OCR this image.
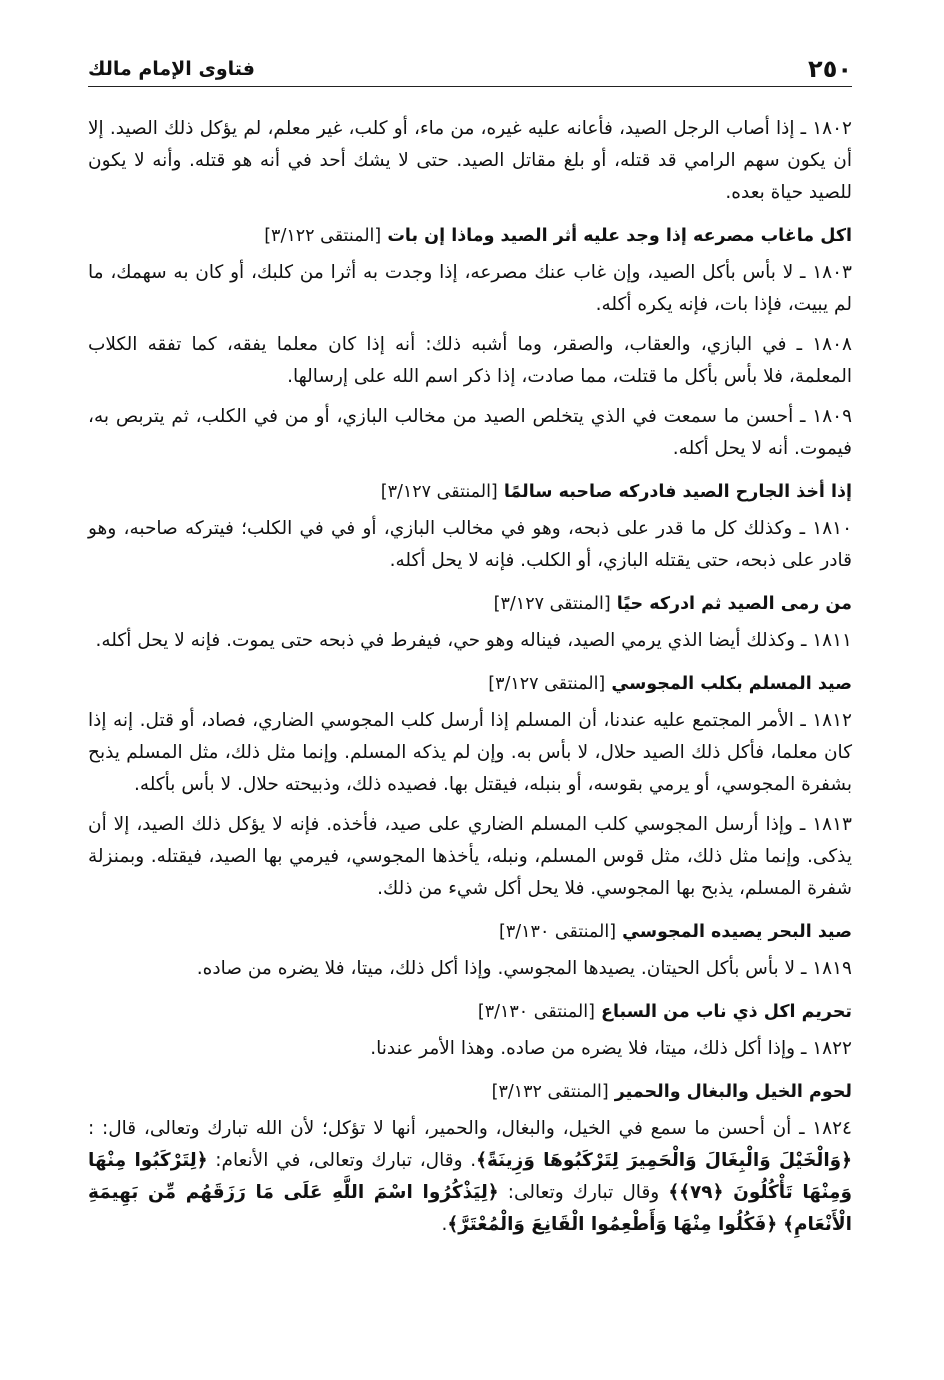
٢٥٠
فتاوى الإمام مالك

١٨٠٢ ـ إذا أصاب الرجل الصيد، فأعانه عليه غيره، من ماء، أو كلب، غير معلم، لم يؤكل ذلك الصيد. إلا أن يكون سهم الرامي قد قتله، أو بلغ مقاتل الصيد. حتى لا يشك أحد في أنه هو قتله. وأنه لا يكون للصيد حياة بعده.

اكل ماغاب مصرعه إذا وجد عليه أثر الصيد وماذا إن بات [المنتقى ٣/١٢٢]

١٨٠٣ ـ لا بأس بأكل الصيد، وإن غاب عنك مصرعه، إذا وجدت به أثرا من كلبك، أو كان به سهمك، ما لم يبيت، فإذا بات، فإنه يكره أكله.

١٨٠٨ ـ في البازي، والعقاب، والصقر، وما أشبه ذلك: أنه إذا كان معلما يفقه، كما تفقه الكلاب المعلمة، فلا بأس بأكل ما قتلت، مما صادت، إذا ذكر اسم الله على إرسالها.

١٨٠٩ ـ أحسن ما سمعت في الذي يتخلص الصيد من مخالب البازي، أو من في الكلب، ثم يتربص به، فيموت. أنه لا يحل أكله.

إذا أخذ الجارح الصيد فادركه صاحبه سالمًا [المنتقى ٣/١٢٧]

١٨١٠ ـ وكذلك كل ما قدر على ذبحه، وهو في مخالب البازي، أو في في الكلب؛ فيتركه صاحبه، وهو قادر على ذبحه، حتى يقتله البازي، أو الكلب. فإنه لا يحل أكله.

من رمى الصيد ثم ادركه حيًا [المنتقى ٣/١٢٧]

١٨١١ ـ وكذلك أيضا الذي يرمي الصيد، فيناله وهو حي، فيفرط في ذبحه حتى يموت. فإنه لا يحل أكله.

صيد المسلم بكلب المجوسي [المنتقى ٣/١٢٧]

١٨١٢ ـ الأمر المجتمع عليه عندنا، أن المسلم إذا أرسل كلب المجوسي الضاري، فصاد، أو قتل. إنه إذا كان معلما، فأكل ذلك الصيد حلال، لا بأس به. وإن لم يذكه المسلم. وإنما مثل ذلك، مثل المسلم يذبح بشفرة المجوسي، أو يرمي بقوسه، أو بنبله، فيقتل بها. فصيده ذلك، وذبيحته حلال. لا بأس بأكله.

١٨١٣ ـ وإذا أرسل المجوسي كلب المسلم الضاري على صيد، فأخذه. فإنه لا يؤكل ذلك الصيد، إلا أن يذكى. وإنما مثل ذلك، مثل قوس المسلم، ونبله، يأخذها المجوسي، فيرمي بها الصيد، فيقتله. وبمنزلة شفرة المسلم، يذبح بها المجوسي. فلا يحل أكل شيء من ذلك.

صيد البحر يصيده المجوسي [المنتقى ٣/١٣٠]

١٨١٩ ـ لا بأس بأكل الحيتان. يصيدها المجوسي. وإذا أكل ذلك، ميتا، فلا يضره من صاده.

تحريم اكل ذي ناب من السباع [المنتقى ٣/١٣٠]

١٨٢٢ ـ وإذا أكل ذلك، ميتا، فلا يضره من صاده. وهذا الأمر عندنا.

لحوم الخيل والبغال والحمير [المنتقى ٣/١٣٢]

١٨٢٤ ـ أن أحسن ما سمع في الخيل، والبغال، والحمير، أنها لا تؤكل؛ لأن الله تبارك وتعالى، قال: : ﴿وَالْخَيْلَ وَالْبِغَالَ وَالْحَمِيرَ لِتَرْكَبُوهَا وَزِينَةً﴾. وقال، تبارك وتعالى، في الأنعام: ﴿لِتَرْكَبُوا مِنْهَا وَمِنْهَا تَأْكُلُونَ ﴿٧٩﴾﴾ وقال تبارك وتعالى: ﴿لِيَذْكُرُوا اسْمَ اللَّهِ عَلَى مَا رَزَقَهُم مِّن بَهِيمَةِ الْأَنْعَامِ﴾ ﴿فَكُلُوا مِنْهَا وَأَطْعِمُوا الْقَانِعَ وَالْمُعْتَرَّ﴾.
